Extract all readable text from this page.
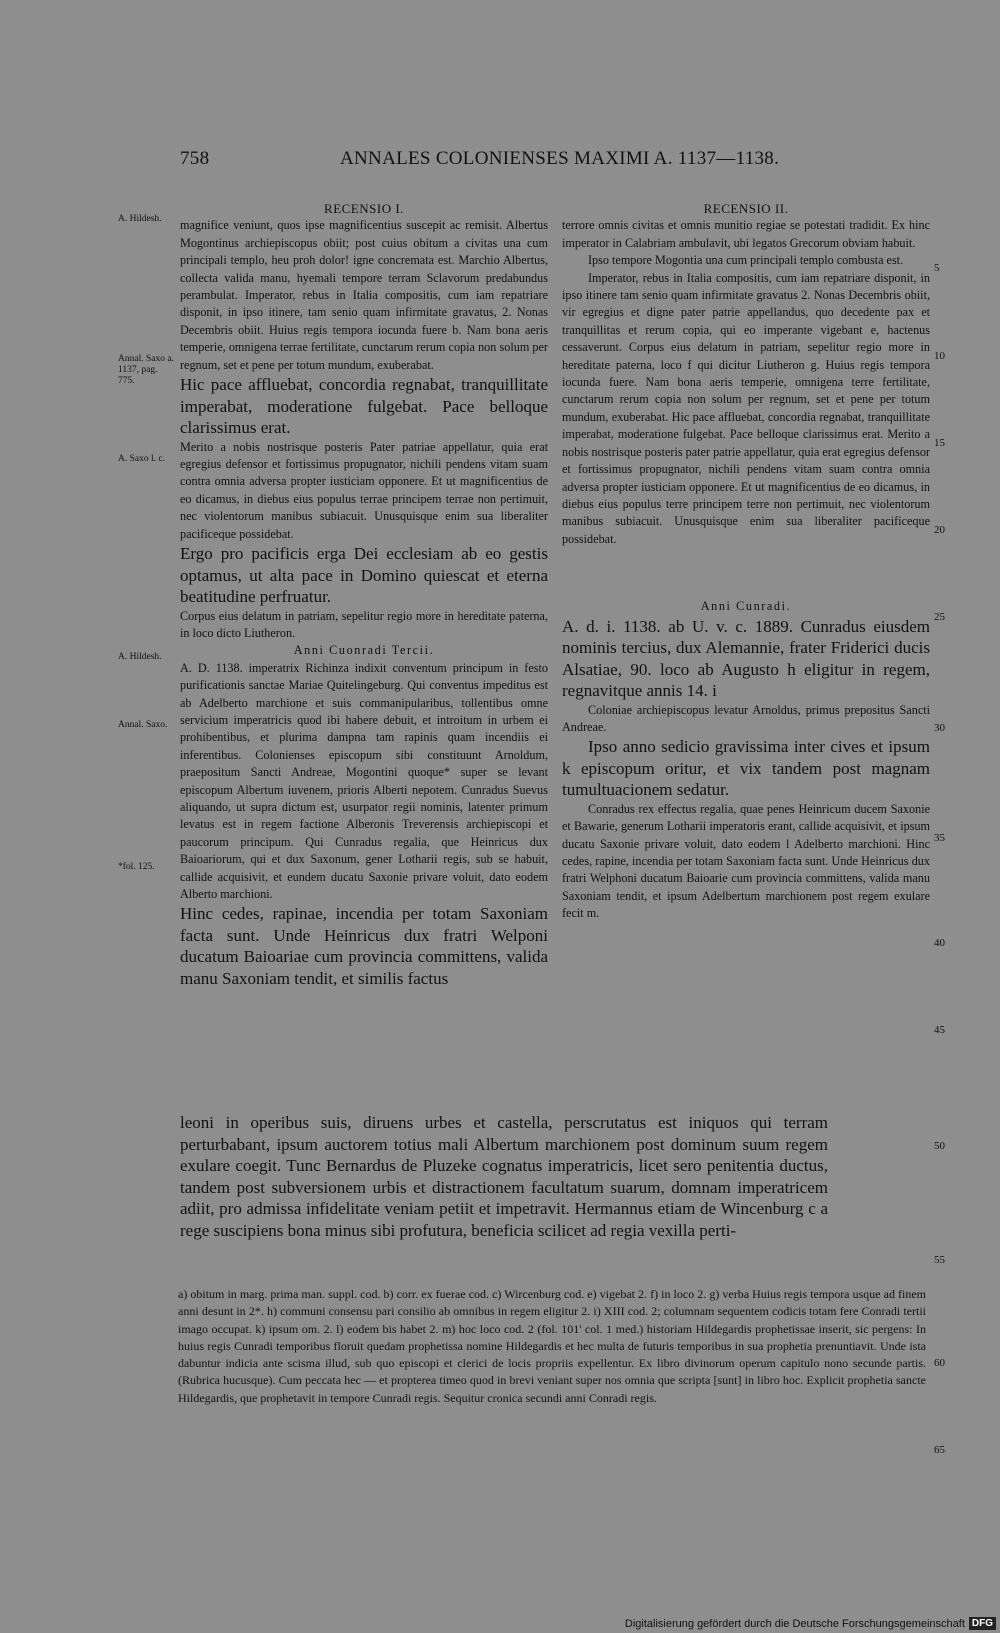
758	ANNALES COLONIENSES MAXIMI A. 1137—1138.
RECENSIO I.

magnifice veniunt, quos ipse magnificentius suscepit ac remisit. Albertus Mogontinus archiepiscopus obiit; post cuius obitum a civitas una cum principali templo, heu proh dolor! igne concremata est. Marchio Albertus, collecta valida manu, hyemali tempore terram Sclavorum predabundus perambulat. Imperator, rebus in Italia compositis, cum iam repatriare disponit, in ipso itinere, tam senio quam infirmitate gravatus, 2. Nonas Decembris obiit. Huius regis tempora iocunda fuere b. Nam bona aeris temperie, omnigena terrae fertilitate, cunctarum rerum copia non solum per regnum, set et pene per totum mundum, exuberabat.

Hic pace affluebat, concordia regnabat, tranquillitate imperabat, moderatione fulgebat. Pace belloque clarissimus erat.

Merito a nobis nostrisque posteris Pater patriae appellatur, quia erat egregius defensor et fortissimus propugnator, nichili pendens vitam suam contra omnia adversa propter iusticiam opponere. Et ut magnificentius de eo dicamus, in diebus eius populus terrae principem terrae non pertimuit, nec violentorum manibus subiacuit. Unusquisque enim sua liberaliter pacificeque possidebat.

Ergo pro pacificis erga Dei ecclesiam ab eo gestis optamus, ut alta pace in Domino quiescat et eterna beatitudine perfruatur.

Corpus eius delatum in patriam, sepelitur regio more in hereditate paterna, in loco dicto Liutheron.

Anni Cuonradi Tercii.

A. D. 1138. imperatrix Richinza indixit conventum principum in festo purificationis sanctae Mariae Quitelingeburg. Qui conventus impeditus est ab Adelberto marchione et suis commanipularibus, tollentibus omne servicium imperatricis quod ibi habere debuit, et introitum in urbem ei prohibentibus, et plurima dampna tam rapinis quam incendiis ei inferentibus. Colonienses episcopum sibi constituunt Arnoldum, praepositum Sancti Andreae, Mogontini quoque* super se levant episcopum Albertum iuvenem, prioris Alberti nepotem. Cunradus Suevus aliquando, ut supra dictum est, usurpator regii nominis, latenter primum levatus est in regem factione Alberonis Treverensis archiepiscopi et paucorum principum. Qui Cunradus regalia, que Heinricus dux Baioariorum, qui et dux Saxonum, gener Lotharii regis, sub se habuit, callide acquisivit, et eundem ducatu Saxonie privare voluit, dato eodem Alberto marchioni.

Hinc cedes, rapinae, incendia per totam Saxoniam facta sunt. Unde Heinricus dux fratri Welponi ducatum Baioariae cum provincia committens, valida manu Saxoniam tendit, et similis factus

RECENSIO II.

terrore omnis civitas et omnis munitio regiae se potestati tradidit. Ex hinc imperator in Calabriam ambulavit, ubi legatos Grecorum obviam habuit.

Ipso tempore Mogontia una cum principali templo combusta est.

Imperator, rebus in Italia compositis, cum iam repatriare disponit, in ipso itinere tam senio quam infirmitate gravatus 2. Nonas Decembris obiit, vir egregius et digne pater patrie appellandus, quo decedente pax et tranquillitas et rerum copia, qui eo imperante vigebant e, hactenus cessaverunt. Corpus eius delatum in patriam, sepelitur regio more in hereditate paterna, loco f qui dicitur Liutheron g. Huius regis tempora iocunda fuere. Nam bona aeris temperie, omnigena terre fertilitate, cunctarum rerum copia non solum per regnum, set et pene per totum mundum, exuberabat. Hic pace affluebat, concordia regnabat, tranquillitate imperabat, moderatione fulgebat. Pace belloque clarissimus erat. Merito a nobis nostrisque posteris pater patrie appellatur, quia erat egregius defensor et fortissimus propugnator, nichili pendens vitam suam contra omnia adversa propter iusticiam opponere. Et ut magnificentius de eo dicamus, in diebus eius populus terre principem terre non pertimuit, nec violentorum manibus subiacuit. Unusquisque enim sua liberaliter pacificeque possidebat.

Anni Cunradi.

A. d. i. 1138. ab U. v. c. 1889. Cunradus eiusdem nominis tercius, dux Alemannie, frater Friderici ducis Alsatiae, 90. loco ab Augusto h eligitur in regem, regnavitque annis 14. i

Coloniae archiepiscopus levatur Arnoldus, primus prepositus Sancti Andreae.

Ipso anno sedicio gravissima inter cives et ipsum k episcopum oritur, et vix tandem post magnam tumultuacionem sedatur.

Conradus rex effectus regalia, quae penes Heinricum ducem Saxonie et Bawarie, generum Lotharii imperatoris erant, callide acquisivit, et ipsum ducatu Saxonie privare voluit, dato eodem l Adelberto marchioni. Hinc cedes, rapine, incendia per totam Saxoniam facta sunt. Unde Heinricus dux fratri Welphoni ducatum Baioarie cum provincia committens, valida manu Saxoniam tendit, et ipsum Adelbertum marchionem post regem exulare fecit m.

leoni in operibus suis, diruens urbes et castella, perscrutatus est iniquos qui terram perturbabant, ipsum auctorem totius mali Albertum marchionem post dominum suum regem exulare coegit. Tunc Bernardus de Pluzeke cognatus imperatricis, licet sero penitentia ductus, tandem post subversionem urbis et distractionem facultatum suarum, domnam imperatricem adiit, pro admissa infidelitate veniam petiit et impetravit. Hermannus etiam de Wincenburg c a rege suscipiens bona minus sibi profutura, beneficia scilicet ad regia vexilla perti-
A. Hildesh.
Annal. Saxo a. 1137, pag. 775.
A. Saxo l. c.
A. Hildesh.
Annal. Saxo.
*fol. 125.
5
10
15
20
25
30
35
40
45
50
55
60
65
a) obitum in marg. prima man. suppl. cod. b) corr. ex fuerae cod. c) Wircenburg cod. e) vigebat 2. f) in loco 2. g) verba Huius regis tempora usque ad finem anni desunt in 2*. h) communi consensu pari consilio ab omnibus in regem eligitur 2. i) XIII cod. 2; columnam sequentem codicis totam fere Conradi tertii imago occupat. k) ipsum om. 2. l) eodem bis habet 2. m) hoc loco cod. 2 (fol. 101' col. 1 med.) historiam Hildegardis prophetissae inserit, sic pergens: In huius regis Cunradi temporibus floruit quedam prophetissa nomine Hildegardis et hec multa de futuris temporibus in sua prophetia prenuntiavit. Unde ista dabuntur indicia ante scisma illud, sub quo episcopi et clerici de locis propriis expellentur. Ex libro divinorum operum capitulo nono secunde partis. (Rubrica hucusque). Cum peccata hec — et propterea timeo quod in brevi veniant super nos omnia que scripta [sunt] in libro hoc. Explicit prophetia sancte Hildegardis, que prophetavit in tempore Cunradi regis. Sequitur cronica secundi anni Conradi regis.
Digitalisierung gefördert durch die Deutsche Forschungsgemeinschaft DFG
